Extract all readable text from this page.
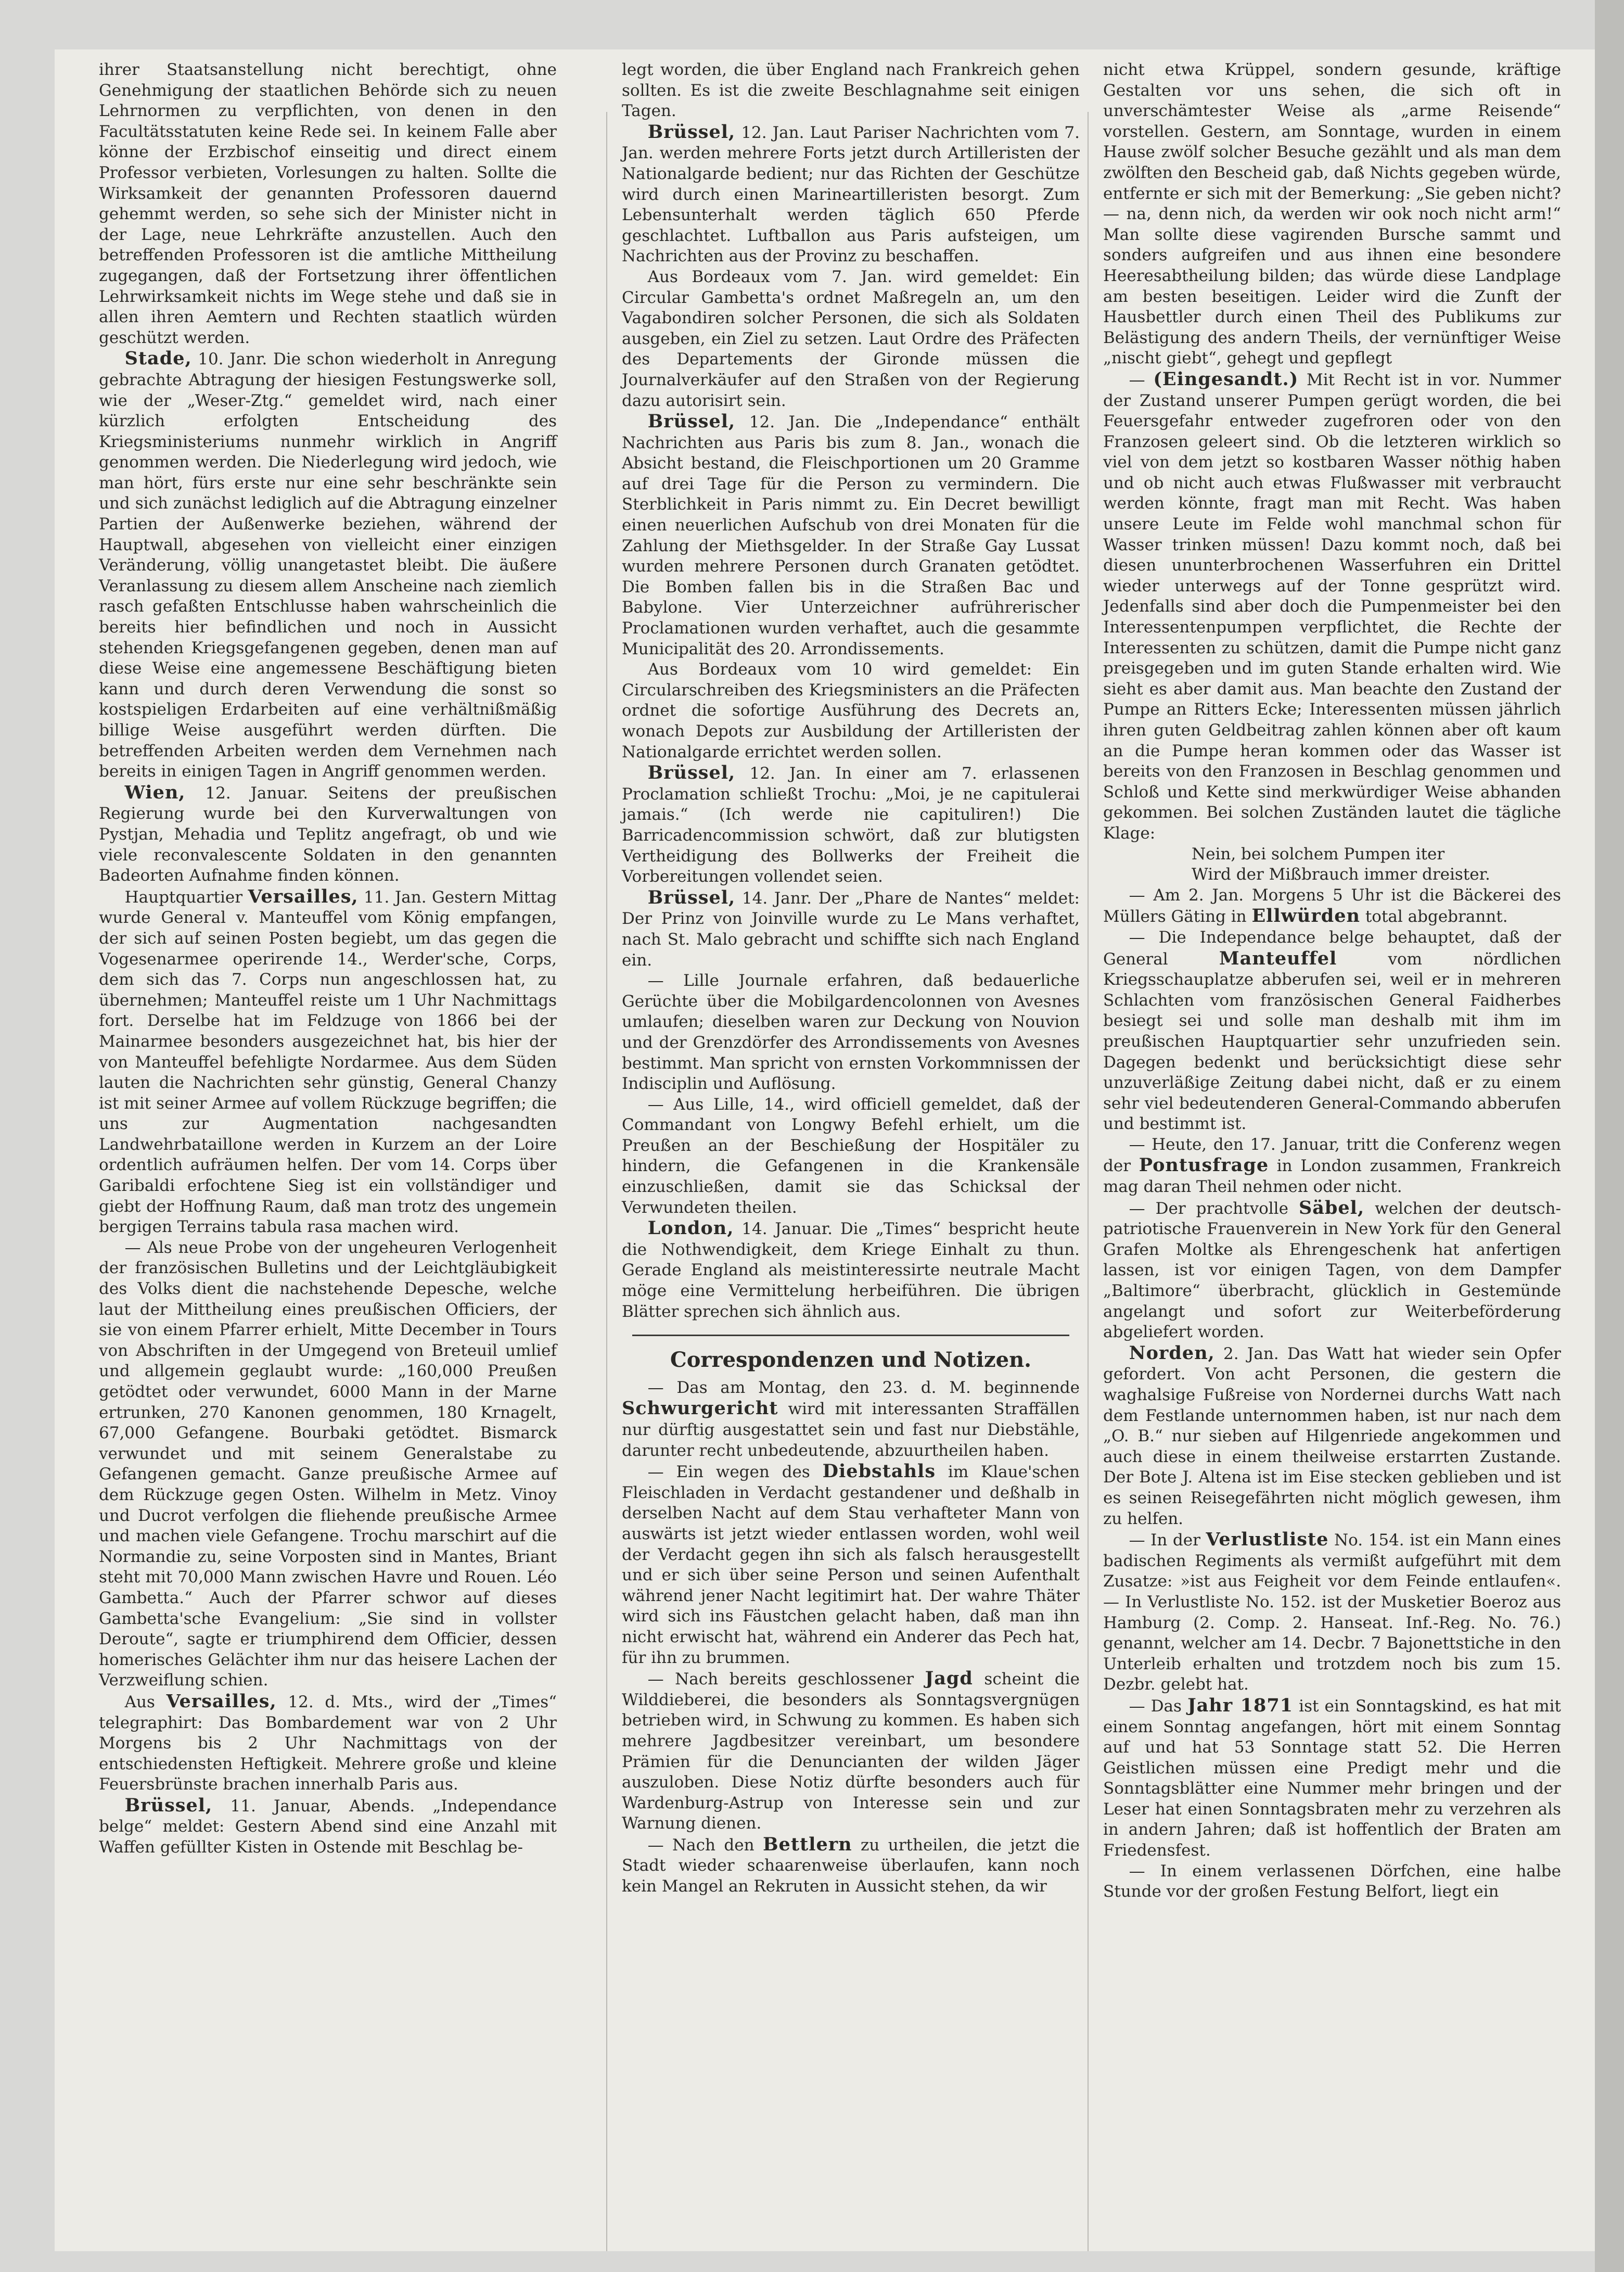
ihrer Staatsanstellung nicht berechtigt, ohne Genehmigung der staatlichen Behörde sich zu neuen Lehrnormen zu verpflichten, von denen in den Facultätsstatuten keine Rede sei. In keinem Falle aber könne der Erzbischof einseitig und direct einem Professor verbieten, Vorlesungen zu halten. Sollte die Wirksamkeit der genannten Professoren dauernd gehemmt werden, so sehe sich der Minister nicht in der Lage, neue Lehrkräfte anzustellen. Auch den betreffenden Professoren ist die amtliche Mittheilung zugegangen, daß der Fortsetzung ihrer öffentlichen Lehrwirksamkeit nichts im Wege stehe und daß sie in allen ihren Aemtern und Rechten staatlich würden geschützt werden.

Stade, 10. Janr. Die schon wiederholt in Anregung gebrachte Abtragung der hiesigen Festungswerke soll, wie der „Weser-Ztg.“ gemeldet wird, nach einer kürzlich erfolgten Entscheidung des Kriegsministeriums nunmehr wirklich in Angriff genommen werden. Die Niederlegung wird jedoch, wie man hört, fürs erste nur eine sehr beschränkte sein und sich zunächst lediglich auf die Abtragung einzelner Partien der Außenwerke beziehen, während der Hauptwall, abgesehen von vielleicht einer einzigen Veränderung, völlig unangetastet bleibt. Die äußere Veranlassung zu diesem allem Anscheine nach ziemlich rasch gefaßten Entschlusse haben wahrscheinlich die bereits hier befindlichen und noch in Aussicht stehenden Kriegsgefangenen gegeben, denen man auf diese Weise eine angemessene Beschäftigung bieten kann und durch deren Verwendung die sonst so kostspieligen Erdarbeiten auf eine verhältnißmäßig billige Weise ausgeführt werden dürften. Die betreffenden Arbeiten werden dem Vernehmen nach bereits in einigen Tagen in Angriff genommen werden.

Wien, 12. Januar. Seitens der preußischen Regierung wurde bei den Kurverwaltungen von Pystjan, Mehadia und Teplitz angefragt, ob und wie viele reconvalescente Soldaten in den genannten Badeorten Aufnahme finden können.

Hauptquartier Versailles, 11. Jan. Gestern Mittag wurde General v. Manteuffel vom König empfangen, der sich auf seinen Posten begiebt, um das gegen die Vogesenarmee operirende 14., Werder'sche, Corps, dem sich das 7. Corps nun angeschlossen hat, zu übernehmen; Manteuffel reiste um 1 Uhr Nachmittags fort. Derselbe hat im Feldzuge von 1866 bei der Mainarmee besonders ausgezeichnet hat, bis hier der von Manteuffel befehligte Nordarmee. Aus dem Süden lauten die Nachrichten sehr günstig, General Chanzy ist mit seiner Armee auf vollem Rückzuge begriffen; die uns zur Augmentation nachgesandten Landwehrbataillone werden in Kurzem an der Loire ordentlich aufräumen helfen. Der vom 14. Corps über Garibaldi erfochtene Sieg ist ein vollständiger und giebt der Hoffnung Raum, daß man trotz des ungemein bergigen Terrains tabula rasa machen wird.

— Als neue Probe von der ungeheuren Verlogenheit der französischen Bulletins und der Leichtgläubigkeit des Volks dient die nachstehende Depesche, welche laut der Mittheilung eines preußischen Officiers, der sie von einem Pfarrer erhielt, Mitte December in Tours von Abschriften in der Umgegend von Breteuil umlief und allgemein geglaubt wurde: „160,000 Preußen getödtet oder verwundet, 6000 Mann in der Marne ertrunken, 270 Kanonen genommen, 180 Krnagelt, 67,000 Gefangene. Bourbaki getödtet. Bismarck verwundet und mit seinem Generalstabe zu Gefangenen gemacht. Ganze preußische Armee auf dem Rückzuge gegen Osten. Wilhelm in Metz. Vinoy und Ducrot verfolgen die fliehende preußische Armee und machen viele Gefangene. Trochu marschirt auf die Normandie zu, seine Vorposten sind in Mantes, Briant steht mit 70,000 Mann zwischen Havre und Rouen. Léo Gambetta.“ Auch der Pfarrer schwor auf dieses Gambetta'sche Evangelium: „Sie sind in vollster Deroute“, sagte er triumphirend dem Officier, dessen homerisches Gelächter ihm nur das heisere Lachen der Verzweiflung schien.

Aus Versailles, 12. d. Mts., wird der „Times“ telegraphirt: Das Bombardement war von 2 Uhr Morgens bis 2 Uhr Nachmittags von der entschiedensten Heftigkeit. Mehrere große und kleine Feuersbrünste brachen innerhalb Paris aus.

Brüssel, 11. Januar, Abends. „Independance belge“ meldet: Gestern Abend sind eine Anzahl mit Waffen gefüllter Kisten in Ostende mit Beschlag be-

legt worden, die über England nach Frankreich gehen sollten. Es ist die zweite Beschlagnahme seit einigen Tagen.

Brüssel, 12. Jan. Laut Pariser Nachrichten vom 7. Jan. werden mehrere Forts jetzt durch Artilleristen der Nationalgarde bedient; nur das Richten der Geschütze wird durch einen Marineartilleristen besorgt. Zum Lebensunterhalt werden täglich 650 Pferde geschlachtet. Luftballon aus Paris aufsteigen, um Nachrichten aus der Provinz zu beschaffen.

Aus Bordeaux vom 7. Jan. wird gemeldet: Ein Circular Gambetta's ordnet Maßregeln an, um den Vagabondiren solcher Personen, die sich als Soldaten ausgeben, ein Ziel zu setzen. Laut Ordre des Präfecten des Departements der Gironde müssen die Journalverkäufer auf den Straßen von der Regierung dazu autorisirt sein.

Brüssel, 12. Jan. Die „Independance“ enthält Nachrichten aus Paris bis zum 8. Jan., wonach die Absicht bestand, die Fleischportionen um 20 Gramme auf drei Tage für die Person zu vermindern. Die Sterblichkeit in Paris nimmt zu. Ein Decret bewilligt einen neuerlichen Aufschub von drei Monaten für die Zahlung der Miethsgelder. In der Straße Gay Lussat wurden mehrere Personen durch Granaten getödtet. Die Bomben fallen bis in die Straßen Bac und Babylone. Vier Unterzeichner aufrührerischer Proclamationen wurden verhaftet, auch die gesammte Municipalität des 20. Arrondissements.

Aus Bordeaux vom 10 wird gemeldet: Ein Circularschreiben des Kriegsministers an die Präfecten ordnet die sofortige Ausführung des Decrets an, wonach Depots zur Ausbildung der Artilleristen der Nationalgarde errichtet werden sollen.

Brüssel, 12. Jan. In einer am 7. erlassenen Proclamation schließt Trochu: „Moi, je ne capitulerai jamais.“ (Ich werde nie capituliren!) Die Barricadencommission schwört, daß zur blutigsten Vertheidigung des Bollwerks der Freiheit die Vorbereitungen vollendet seien.

Brüssel, 14. Janr. Der „Phare de Nantes“ meldet: Der Prinz von Joinville wurde zu Le Mans verhaftet, nach St. Malo gebracht und schiffte sich nach England ein.

— Lille Journale erfahren, daß bedauerliche Gerüchte über die Mobilgardencolonnen von Avesnes umlaufen; dieselben waren zur Deckung von Nouvion und der Grenzdörfer des Arrondissements von Avesnes bestimmt. Man spricht von ernsten Vorkommnissen der Indisciplin und Auflösung.

— Aus Lille, 14., wird officiell gemeldet, daß der Commandant von Longwy Befehl erhielt, um die Preußen an der Beschießung der Hospitäler zu hindern, die Gefangenen in die Krankensäle einzuschließen, damit sie das Schicksal der Verwundeten theilen.

London, 14. Januar. Die „Times“ bespricht heute die Nothwendigkeit, dem Kriege Einhalt zu thun. Gerade England als meistinteressirte neutrale Macht möge eine Vermittelung herbeiführen. Die übrigen Blätter sprechen sich ähnlich aus.

Correspondenzen und Notizen.

— Das am Montag, den 23. d. M. beginnende Schwurgericht wird mit interessanten Straffällen nur dürftig ausgestattet sein und fast nur Diebstähle, darunter recht unbedeutende, abzuurtheilen haben.

— Ein wegen des Diebstahls im Klaue'schen Fleischladen in Verdacht gestandener und deßhalb in derselben Nacht auf dem Stau verhafteter Mann von auswärts ist jetzt wieder entlassen worden, wohl weil der Verdacht gegen ihn sich als falsch herausgestellt und er sich über seine Person und seinen Aufenthalt während jener Nacht legitimirt hat. Der wahre Thäter wird sich ins Fäustchen gelacht haben, daß man ihn nicht erwischt hat, während ein Anderer das Pech hat, für ihn zu brummen.

— Nach bereits geschlossener Jagd scheint die Wilddieberei, die besonders als Sonntagsvergnügen betrieben wird, in Schwung zu kommen. Es haben sich mehrere Jagdbesitzer vereinbart, um besondere Prämien für die Denuncianten der wilden Jäger auszuloben. Diese Notiz dürfte besonders auch für Wardenburg-Astrup von Interesse sein und zur Warnung dienen.

— Nach den Bettlern zu urtheilen, die jetzt die Stadt wieder schaarenweise überlaufen, kann noch kein Mangel an Rekruten in Aussicht stehen, da wir

nicht etwa Krüppel, sondern gesunde, kräftige Gestalten vor uns sehen, die sich oft in unverschämtester Weise als „arme Reisende“ vorstellen. Gestern, am Sonntage, wurden in einem Hause zwölf solcher Besuche gezählt und als man dem zwölften den Bescheid gab, daß Nichts gegeben würde, entfernte er sich mit der Bemerkung: „Sie geben nicht? — na, denn nich, da werden wir ook noch nicht arm!“ Man sollte diese vagirenden Bursche sammt und sonders aufgreifen und aus ihnen eine besondere Heeresabtheilung bilden; das würde diese Landplage am besten beseitigen. Leider wird die Zunft der Hausbettler durch einen Theil des Publikums zur Belästigung des andern Theils, der vernünftiger Weise „nischt giebt“, gehegt und gepflegt

— (Eingesandt.) Mit Recht ist in vor. Nummer der Zustand unserer Pumpen gerügt worden, die bei Feuersgefahr entweder zugefroren oder von den Franzosen geleert sind. Ob die letzteren wirklich so viel von dem jetzt so kostbaren Wasser nöthig haben und ob nicht auch etwas Flußwasser mit verbraucht werden könnte, fragt man mit Recht. Was haben unsere Leute im Felde wohl manchmal schon für Wasser trinken müssen! Dazu kommt noch, daß bei diesen ununterbrochenen Wasserfuhren ein Drittel wieder unterwegs auf der Tonne gesprützt wird. Jedenfalls sind aber doch die Pumpenmeister bei den Interessentenpumpen verpflichtet, die Rechte der Interessenten zu schützen, damit die Pumpe nicht ganz preisgegeben und im guten Stande erhalten wird. Wie sieht es aber damit aus. Man beachte den Zustand der Pumpe an Ritters Ecke; Interessenten müssen jährlich ihren guten Geldbeitrag zahlen können aber oft kaum an die Pumpe heran kommen oder das Wasser ist bereits von den Franzosen in Beschlag genommen und Schloß und Kette sind merkwürdiger Weise abhanden gekommen. Bei solchen Zuständen lautet die tägliche Klage:

Nein, bei solchem Pumpen iter

Wird der Mißbrauch immer dreister.

— Am 2. Jan. Morgens 5 Uhr ist die Bäckerei des Müllers Gäting in Ellwürden total abgebrannt.

— Die Independance belge behauptet, daß der General Manteuffel vom nördlichen Kriegsschauplatze abberufen sei, weil er in mehreren Schlachten vom französischen General Faidherbes besiegt sei und solle man deshalb mit ihm im preußischen Hauptquartier sehr unzufrieden sein. Dagegen bedenkt und berücksichtigt diese sehr unzuverläßige Zeitung dabei nicht, daß er zu einem sehr viel bedeutenderen General-Commando abberufen und bestimmt ist.

— Heute, den 17. Januar, tritt die Conferenz wegen der Pontusfrage in London zusammen, Frankreich mag daran Theil nehmen oder nicht.

— Der prachtvolle Säbel, welchen der deutsch-patriotische Frauenverein in New York für den General Grafen Moltke als Ehrengeschenk hat anfertigen lassen, ist vor einigen Tagen, von dem Dampfer „Baltimore“ überbracht, glücklich in Gestemünde angelangt und sofort zur Weiterbeförderung abgeliefert worden.

Norden, 2. Jan. Das Watt hat wieder sein Opfer gefordert. Von acht Personen, die gestern die waghalsige Fußreise von Nordernei durchs Watt nach dem Festlande unternommen haben, ist nur nach dem „O. B.“ nur sieben auf Hilgenriede angekommen und auch diese in einem theilweise erstarrten Zustande. Der Bote J. Altena ist im Eise stecken geblieben und ist es seinen Reisegefährten nicht möglich gewesen, ihm zu helfen.

— In der Verlustliste No. 154. ist ein Mann eines badischen Regiments als vermißt aufgeführt mit dem Zusatze: »ist aus Feigheit vor dem Feinde entlaufen«. — In Verlustliste No. 152. ist der Musketier Boeroz aus Hamburg (2. Comp. 2. Hanseat. Inf.-Reg. No. 76.) genannt, welcher am 14. Decbr. 7 Bajonettstiche in den Unterleib erhalten und trotzdem noch bis zum 15. Dezbr. gelebt hat.

— Das Jahr 1871 ist ein Sonntagskind, es hat mit einem Sonntag angefangen, hört mit einem Sonntag auf und hat 53 Sonntage statt 52. Die Herren Geistlichen müssen eine Predigt mehr und die Sonntagsblätter eine Nummer mehr bringen und der Leser hat einen Sonntagsbraten mehr zu verzehren als in andern Jahren; daß ist hoffentlich der Braten am Friedensfest.

— In einem verlassenen Dörfchen, eine halbe Stunde vor der großen Festung Belfort, liegt ein
